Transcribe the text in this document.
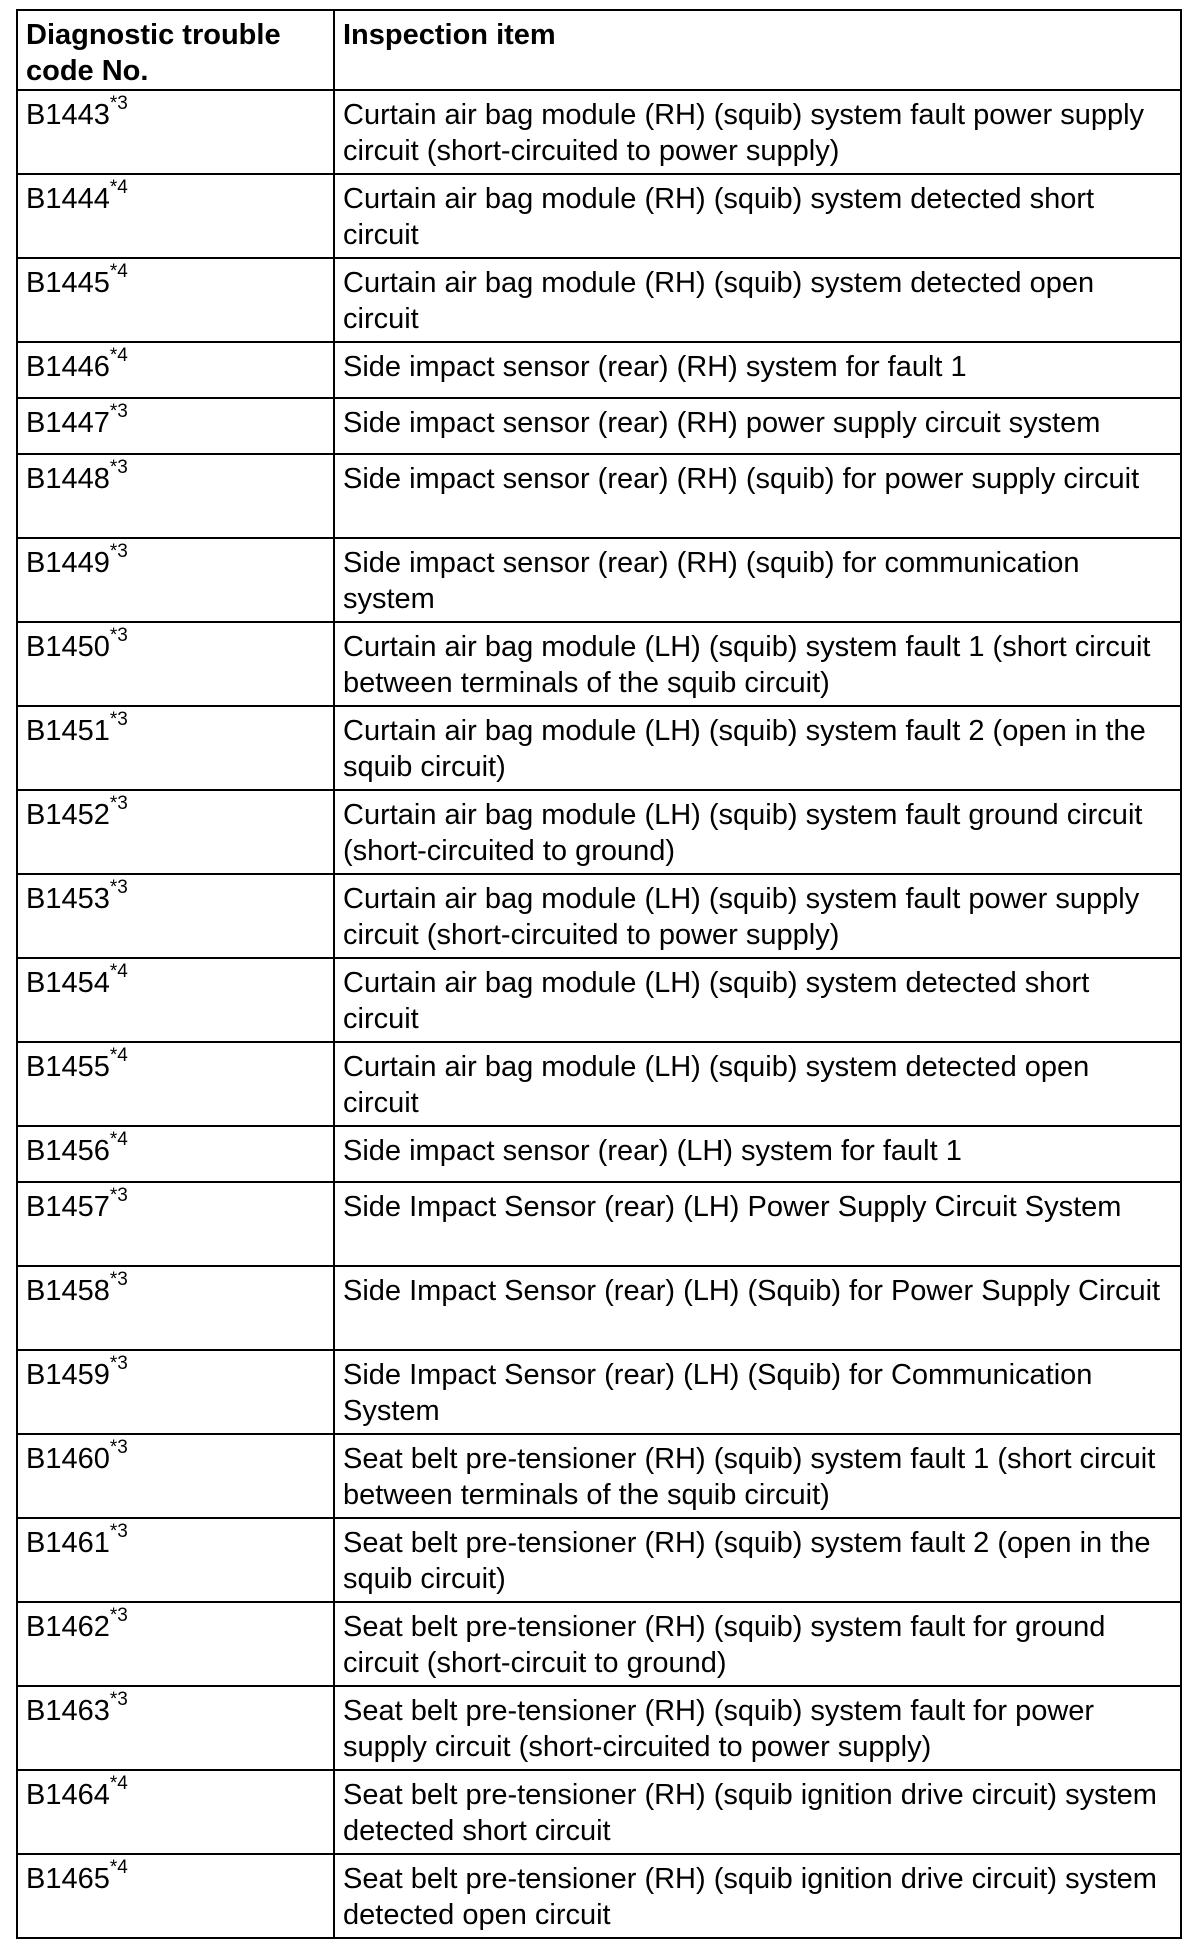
Diagnostic trouble code No.	Inspection item
B1443$^{*3}$	Curtain air bag module (RH) (squib) system fault power supply circuit (short-circuited to power supply)
B1444$^{*4}$	Curtain air bag module (RH) (squib) system detected short circuit
B1445$^{*4}$	Curtain air bag module (RH) (squib) system detected open circuit
B1446$^{*4}$	Side impact sensor (rear) (RH) system for fault 1
B1447$^{*3}$	Side impact sensor (rear) (RH) power supply circuit system
B1448$^{*3}$	Side impact sensor (rear) (RH) (squib) for power supply circuit
B1449$^{*3}$	Side impact sensor (rear) (RH) (squib) for communication system
B1450$^{*3}$	Curtain air bag module (LH) (squib) system fault 1 (short circuit between terminals of the squib circuit)
B1451$^{*3}$	Curtain air bag module (LH) (squib) system fault 2 (open in the squib circuit)
B1452$^{*3}$	Curtain air bag module (LH) (squib) system fault ground circuit (short-circuited to ground)
B1453$^{*3}$	Curtain air bag module (LH) (squib) system fault power supply circuit (short-circuited to power supply)
B1454$^{*4}$	Curtain air bag module (LH) (squib) system detected short circuit
B1455$^{*4}$	Curtain air bag module (LH) (squib) system detected open circuit
B1456$^{*4}$	Side impact sensor (rear) (LH) system for fault 1
B1457$^{*3}$	Side Impact Sensor (rear) (LH) Power Supply Circuit System
B1458$^{*3}$	Side Impact Sensor (rear) (LH) (Squib) for Power Supply Circuit
B1459$^{*3}$	Side Impact Sensor (rear) (LH) (Squib) for Communication System
B1460$^{*3}$	Seat belt pre-tensioner (RH) (squib) system fault 1 (short circuit between terminals of the squib circuit)
B1461$^{*3}$	Seat belt pre-tensioner (RH) (squib) system fault 2 (open in the squib circuit)
B1462$^{*3}$	Seat belt pre-tensioner (RH) (squib) system fault for ground circuit (short-circuit to ground)
B1463$^{*3}$	Seat belt pre-tensioner (RH) (squib) system fault for power supply circuit (short-circuited to power supply)
B1464$^{*4}$	Seat belt pre-tensioner (RH) (squib ignition drive circuit) system detected short circuit
B1465$^{*4}$	Seat belt pre-tensioner (RH) (squib ignition drive circuit) system detected open circuit
